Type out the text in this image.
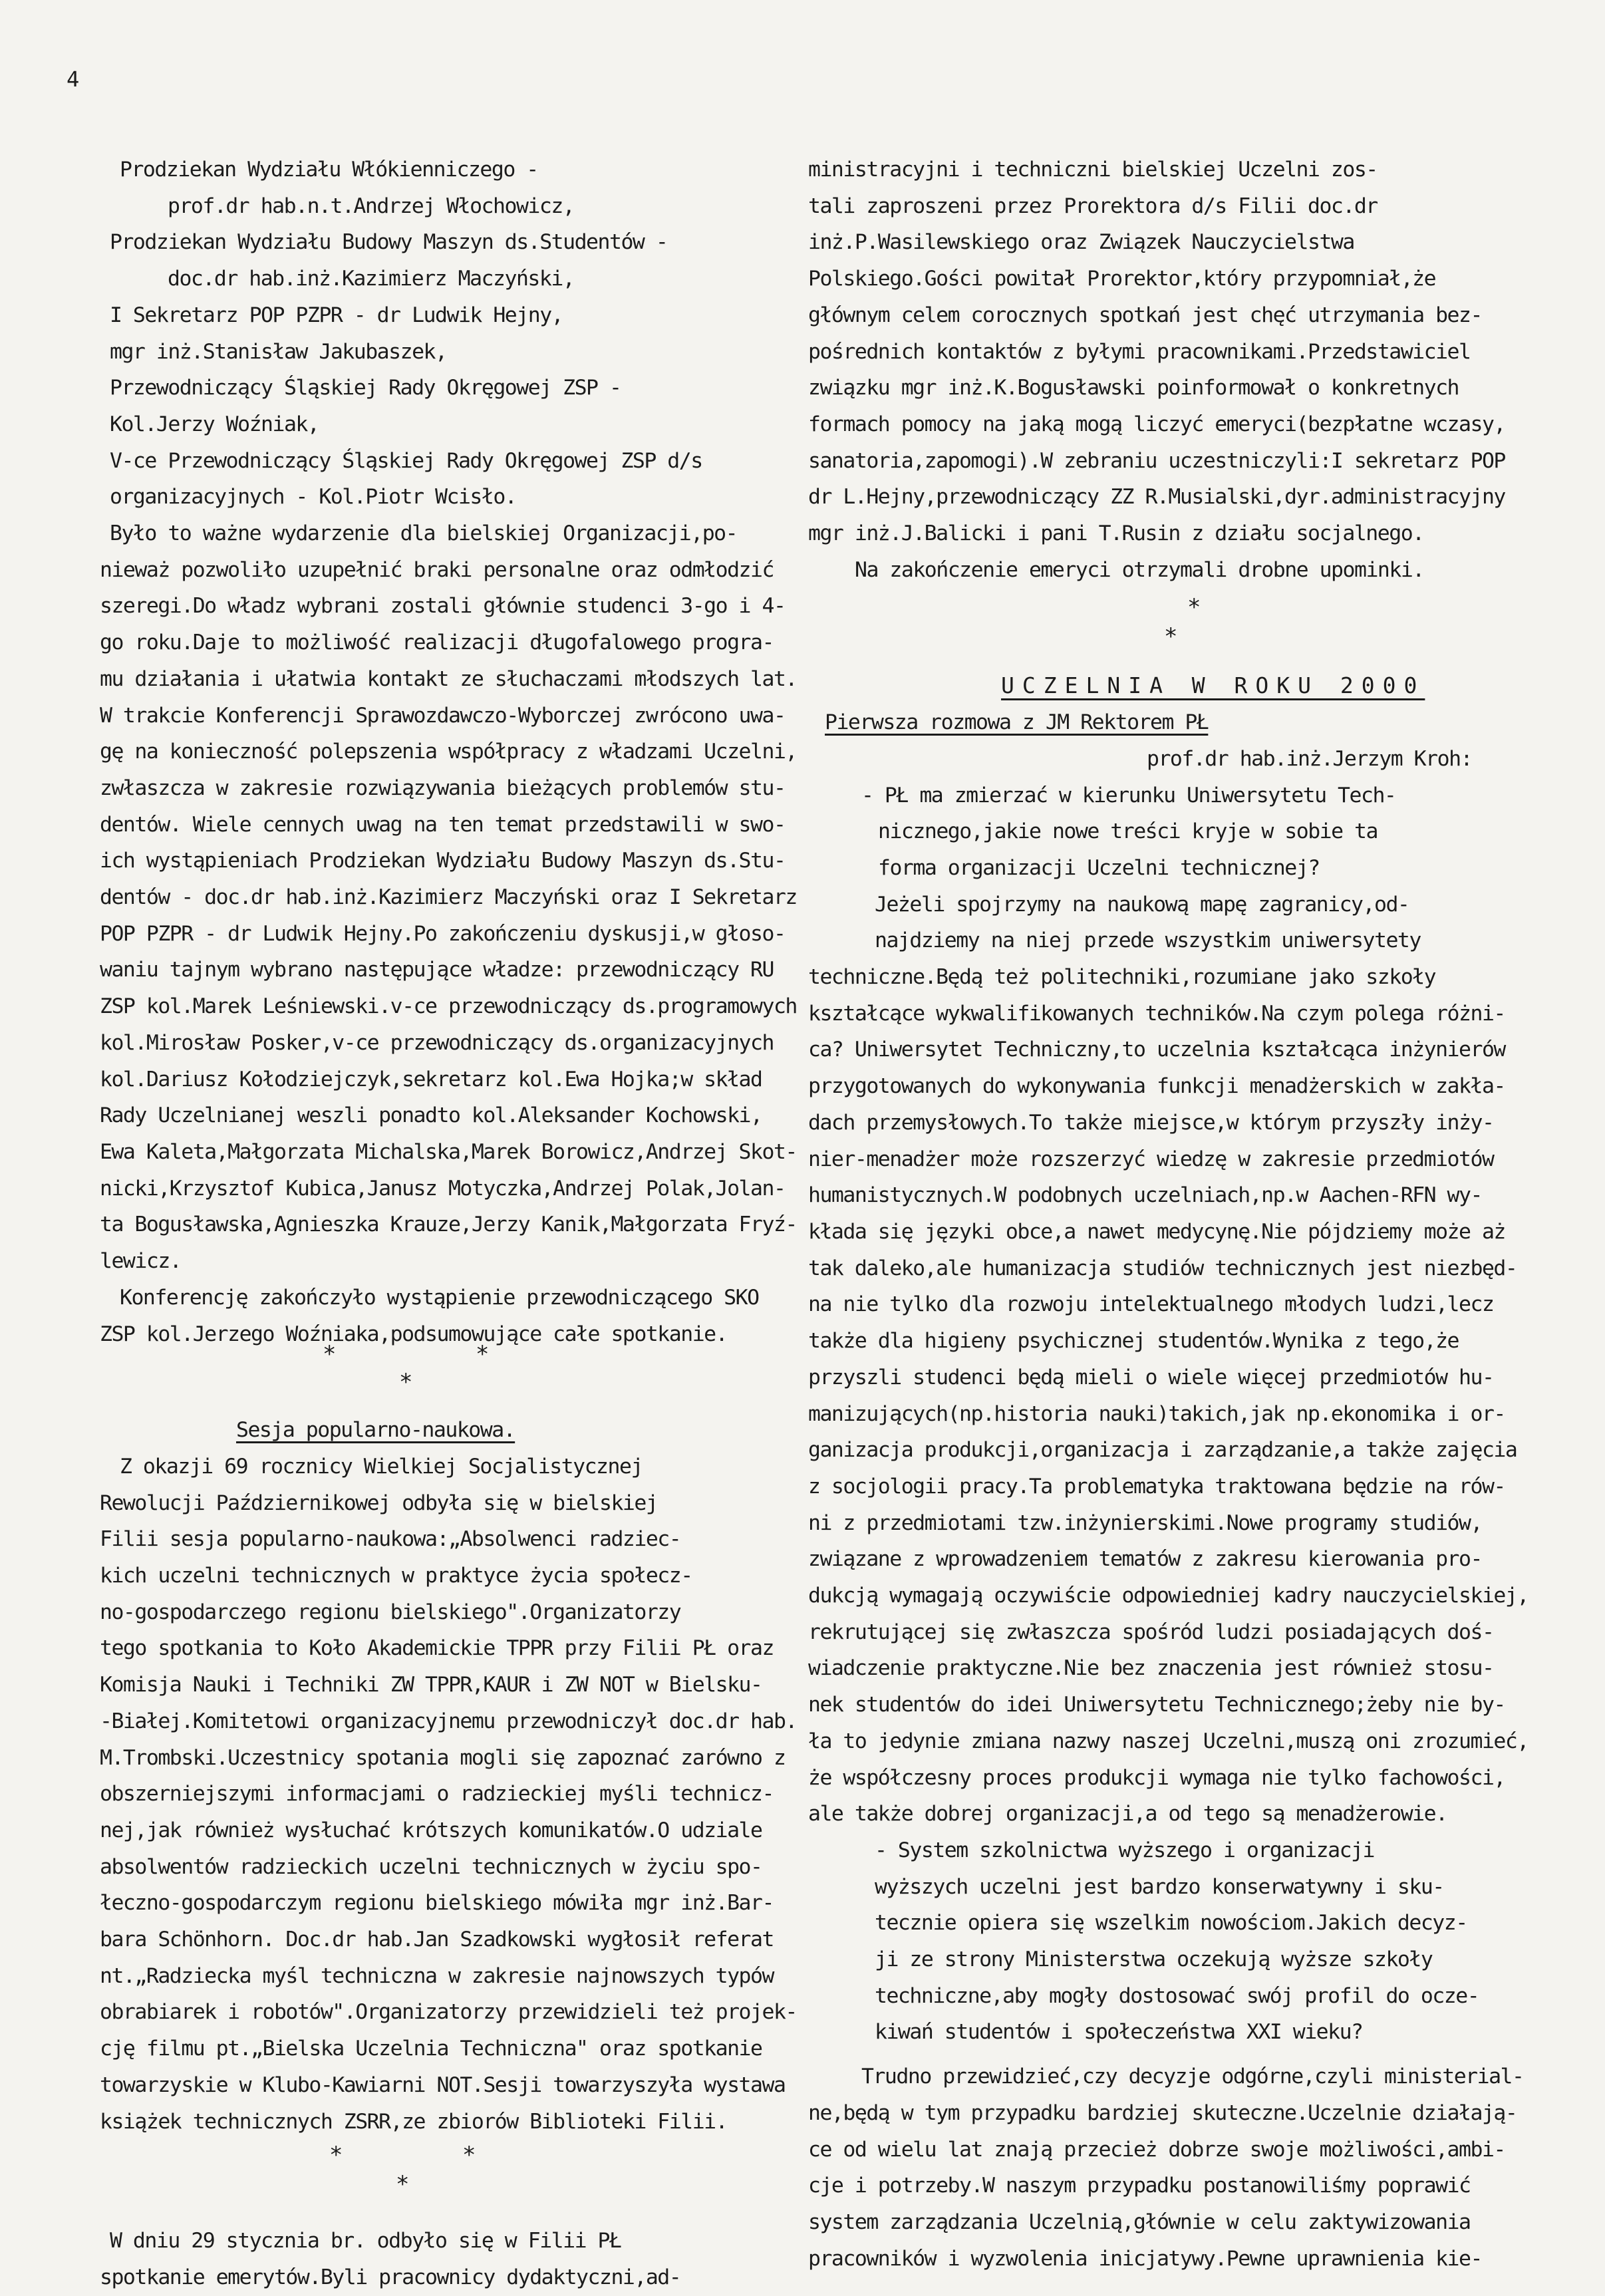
4
Prodziekan Wydziału Włókienniczego -
prof.dr hab.n.t.Andrzej Włochowicz,
Prodziekan Wydziału Budowy Maszyn ds.Studentów -
doc.dr hab.inż.Kazimierz Maczyński,
I Sekretarz POP PZPR - dr Ludwik Hejny,
mgr inż.Stanisław Jakubaszek,
Przewodniczący Śląskiej Rady Okręgowej ZSP -
Kol.Jerzy Woźniak,
V-ce Przewodniczący Śląskiej Rady Okręgowej ZSP d/s
organizacyjnych - Kol.Piotr Wcisło.
Było to ważne wydarzenie dla bielskiej Organizacji,po-
nieważ pozwoliło uzupełnić braki personalne oraz odmłodzić
szeregi.Do władz wybrani zostali głównie studenci 3-go i 4-
go roku.Daje to możliwość realizacji długofalowego progra-
mu działania i ułatwia kontakt ze słuchaczami młodszych lat.
W trakcie Konferencji Sprawozdawczo-Wyborczej zwrócono uwa-
gę na konieczność polepszenia współpracy z władzami Uczelni,
zwłaszcza w zakresie rozwiązywania bieżących problemów stu-
dentów. Wiele cennych uwag na ten temat przedstawili w swo-
ich wystąpieniach Prodziekan Wydziału Budowy Maszyn ds.Stu-
dentów - doc.dr hab.inż.Kazimierz Maczyński oraz I Sekretarz
POP PZPR - dr Ludwik Hejny.Po zakończeniu dyskusji,w głoso-
waniu tajnym wybrano następujące władze: przewodniczący RU
ZSP kol.Marek Leśniewski.v-ce przewodniczący ds.programowych
kol.Mirosław Posker,v-ce przewodniczący ds.organizacyjnych
kol.Dariusz Kołodziejczyk,sekretarz kol.Ewa Hojka;w skład
Rady Uczelnianej weszli ponadto kol.Aleksander Kochowski,
Ewa Kaleta,Małgorzata Michalska,Marek Borowicz,Andrzej Skot-
nicki,Krzysztof Kubica,Janusz Motyczka,Andrzej Polak,Jolan-
ta Bogusławska,Agnieszka Krauze,Jerzy Kanik,Małgorzata Fryź-
lewicz.
Konferencję zakończyło wystąpienie przewodniczącego SKO
ZSP kol.Jerzego Woźniaka,podsumowujące całe spotkanie.
*	*
*
Sesja popularno-naukowa.
Z okazji 69 rocznicy Wielkiej Socjalistycznej
Rewolucji Październikowej odbyła się w bielskiej
Filii sesja popularno-naukowa:„Absolwenci radziec-
kich uczelni technicznych w praktyce życia społecz-
no-gospodarczego regionu bielskiego".Organizatorzy
tego spotkania to Koło Akademickie TPPR przy Filii PŁ oraz
Komisja Nauki i Techniki ZW TPPR,KAUR i ZW NOT w Bielsku-
-Białej.Komitetowi organizacyjnemu przewodniczył doc.dr hab.
M.Trombski.Uczestnicy spotania mogli się zapoznać zarówno z
obszerniejszymi informacjami o radzieckiej myśli technicz-
nej,jak również wysłuchać krótszych komunikatów.O udziale
absolwentów radzieckich uczelni technicznych w życiu spo-
łeczno-gospodarczym regionu bielskiego mówiła mgr inż.Bar-
bara Schönhorn. Doc.dr hab.Jan Szadkowski wygłosił referat
nt.„Radziecka myśl techniczna w zakresie najnowszych typów
obrabiarek i robotów".Organizatorzy przewidzieli też projek-
cję filmu pt.„Bielska Uczelnia Techniczna" oraz spotkanie
towarzyskie w Klubo-Kawiarni NOT.Sesji towarzyszyła wystawa
książek technicznych ZSRR,ze zbiorów Biblioteki Filii.
*	*
*
W dniu 29 stycznia br. odbyło się w Filii PŁ
spotkanie emerytów.Byli pracownicy dydaktyczni,ad-
ministracyjni i techniczni bielskiej Uczelni zos-
tali zaproszeni przez Prorektora d/s Filii doc.dr
inż.P.Wasilewskiego oraz Związek Nauczycielstwa
Polskiego.Gości powitał Prorektor,który przypomniał,że
głównym celem corocznych spotkań jest chęć utrzymania bez-
pośrednich kontaktów z byłymi pracownikami.Przedstawiciel
związku mgr inż.K.Bogusławski poinformował o konkretnych
formach pomocy na jaką mogą liczyć emeryci(bezpłatne wczasy,
sanatoria,zapomogi).W zebraniu uczestniczyli:I sekretarz POP
dr L.Hejny,przewodniczący ZZ R.Musialski,dyr.administracyjny
mgr inż.J.Balicki i pani T.Rusin z działu socjalnego.
Na zakończenie emeryci otrzymali drobne upominki.
*
*
UCZELNIA W ROKU 2000
Pierwsza rozmowa z JM Rektorem PŁ
prof.dr hab.inż.Jerzym Kroh:
- PŁ ma zmierzać w kierunku Uniwersytetu Tech-
nicznego,jakie nowe treści kryje w sobie ta
forma organizacji Uczelni technicznej?
Jeżeli spojrzymy na naukową mapę zagranicy,od-
najdziemy na niej przede wszystkim uniwersytety
techniczne.Będą też politechniki,rozumiane jako szkoły
kształcące wykwalifikowanych techników.Na czym polega różni-
ca? Uniwersytet Techniczny,to uczelnia kształcąca inżynierów
przygotowanych do wykonywania funkcji menadżerskich w zakła-
dach przemysłowych.To także miejsce,w którym przyszły inży-
nier-menadżer może rozszerzyć wiedzę w zakresie przedmiotów
humanistycznych.W podobnych uczelniach,np.w Aachen-RFN wy-
kłada się języki obce,a nawet medycynę.Nie pójdziemy może aż
tak daleko,ale humanizacja studiów technicznych jest niezbęd-
na nie tylko dla rozwoju intelektualnego młodych ludzi,lecz
także dla higieny psychicznej studentów.Wynika z tego,że
przyszli studenci będą mieli o wiele więcej przedmiotów hu-
manizujących(np.historia nauki)takich,jak np.ekonomika i or-
ganizacja produkcji,organizacja i zarządzanie,a także zajęcia
z socjologii pracy.Ta problematyka traktowana będzie na rów-
ni z przedmiotami tzw.inżynierskimi.Nowe programy studiów,
związane z wprowadzeniem tematów z zakresu kierowania pro-
dukcją wymagają oczywiście odpowiedniej kadry nauczycielskiej,
rekrutującej się zwłaszcza spośród ludzi posiadających doś-
wiadczenie praktyczne.Nie bez znaczenia jest również stosu-
nek studentów do idei Uniwersytetu Technicznego;żeby nie by-
ła to jedynie zmiana nazwy naszej Uczelni,muszą oni zrozumieć,
że współczesny proces produkcji wymaga nie tylko fachowości,
ale także dobrej organizacji,a od tego są menadżerowie.
- System szkolnictwa wyższego i organizacji
wyższych uczelni jest bardzo konserwatywny i sku-
tecznie opiera się wszelkim nowościom.Jakich decyz-
ji ze strony Ministerstwa oczekują wyższe szkoły
techniczne,aby mogły dostosować swój profil do ocze-
kiwań studentów i społeczeństwa XXI wieku?
Trudno przewidzieć,czy decyzje odgórne,czyli ministerial-
ne,będą w tym przypadku bardziej skuteczne.Uczelnie działają-
ce od wielu lat znają przecież dobrze swoje możliwości,ambi-
cje i potrzeby.W naszym przypadku postanowiliśmy poprawić
system zarządzania Uczelnią,głównie w celu zaktywizowania
pracowników i wyzwolenia inicjatywy.Pewne uprawnienia kie-
